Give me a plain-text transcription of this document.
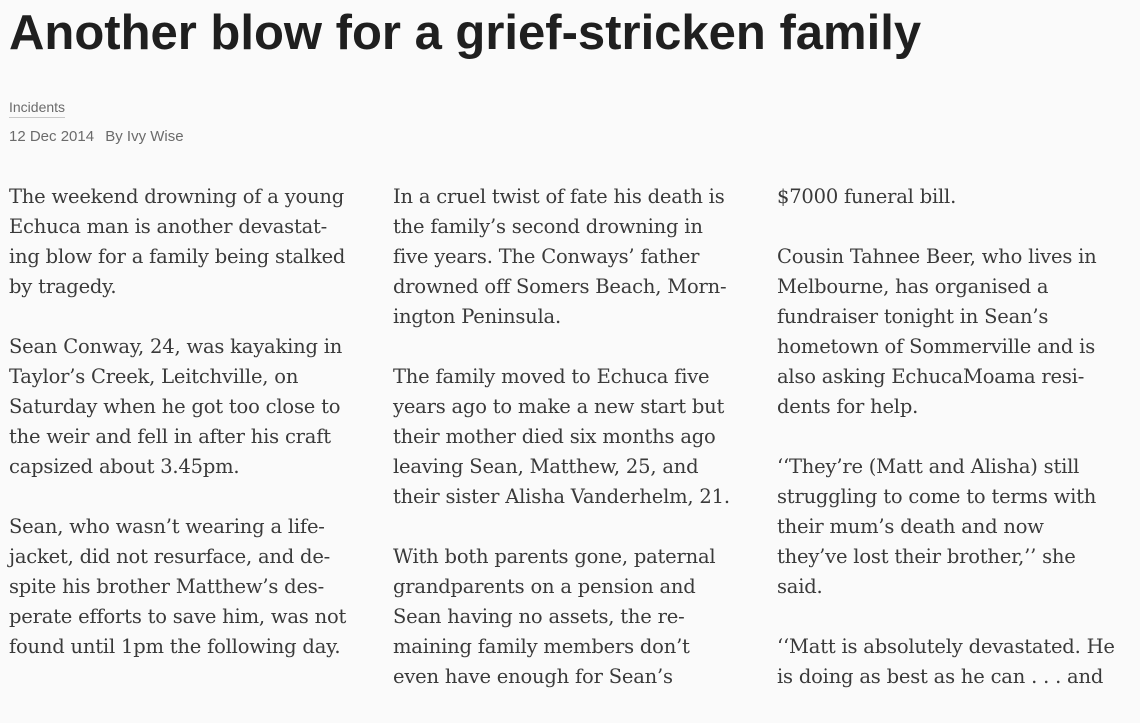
Another blow for a grief-stricken family
Incidents
12 Dec 2014 By Ivy Wise

The weekend drowning of a young
Echuca man is another devastat-
ing blow for a family being stalked
by tragedy.

Sean Conway, 24, was kayaking in
Taylor’s Creek, Leitchville, on
Saturday when he got too close to
the weir and fell in after his craft
capsized about 3.45pm.

Sean, who wasn’t wearing a life-
jacket, did not resurface, and de-
spite his brother Matthew’s des-
perate efforts to save him, was not
found until 1pm the following day.

In a cruel twist of fate his death is
the family’s second drowning in
five years. The Conways’ father
drowned off Somers Beach, Morn-
ington Peninsula.

The family moved to Echuca five
years ago to make a new start but
their mother died six months ago
leaving Sean, Matthew, 25, and
their sister Alisha Vanderhelm, 21.

With both parents gone, paternal
grandparents on a pension and
Sean having no assets, the re-
maining family members don’t
even have enough for Sean’s

$7000 funeral bill.

Cousin Tahnee Beer, who lives in
Melbourne, has organised a
fundraiser tonight in Sean’s
hometown of Sommerville and is
also asking EchucaMoama resi-
dents for help.

‘‘They’re (Matt and Alisha) still
struggling to come to terms with
their mum’s death and now
they’ve lost their brother,’’ she
said.

‘‘Matt is absolutely devastated. He
is doing as best as he can . . . and
